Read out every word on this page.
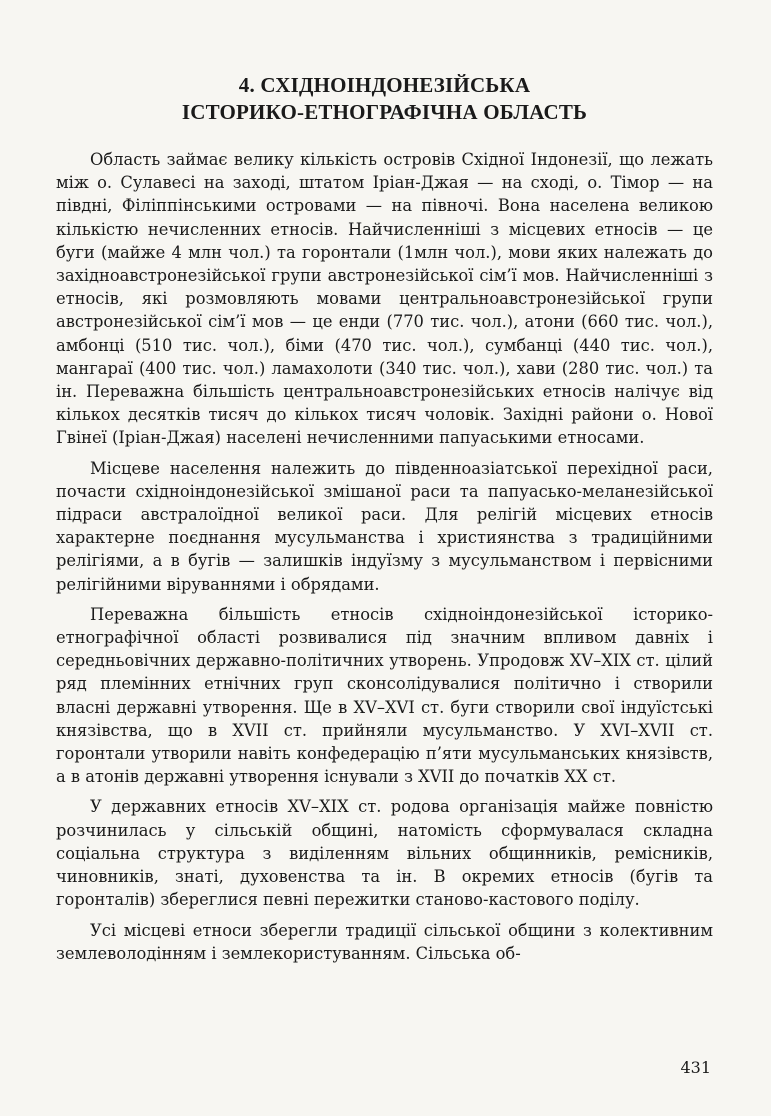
4. СХІДНОІНДОНЕЗІЙСЬКА
ІСТОРИКО-ЕТНОГРАФІЧНА ОБЛАСТЬ

Область займає велику кількість островів Східної Індонезії, що лежать між о. Сулавесі на заході, штатом Іріан-Джая — на сході, о. Тімор — на півдні, Філіппінськими островами — на півночі. Вона населена великою кількістю нечисленних етносів. Найчисленніші з місцевих етносів — це буги (майже 4 млн чол.) та горонтали (1млн чол.), мови яких належать до західноавстронезійської групи австронезійської сім’ї мов. Найчисленніші з етносів, які розмовляють мовами центральноавстронезійської групи австронезійської сім’ї мов — це енди (770 тис. чол.), атони (660 тис. чол.), амбонці (510 тис. чол.), біми (470 тис. чол.), сумбанці (440 тис. чол.), мангараї (400 тис. чол.) ламахолоти (340 тис. чол.), хави (280 тис. чол.) та ін. Переважна більшість центральноавстронезійських етносів налічує від кількох десятків тисяч до кількох тисяч чоловік. Західні райони о. Нової Гвінеї (Іріан-Джая) населені нечисленними папуаськими етносами.

Місцеве населення належить до південноазіатської перехідної раси, почасти східноіндонезійської змішаної раси та папуасько-меланезійської підраси австралоїдної великої раси. Для релігій місцевих етносів характерне поєднання мусульманства і християнства з традиційними релігіями, а в бугів — залишків індуїзму з мусульманством і первісними релігійними віруваннями і обрядами.

Переважна більшість етносів східноіндонезійської історико-етнографічної області розвивалися під значним впливом давніх і середньовічних державно-політичних утворень. Упродовж XV–XIX ст. цілий ряд племінних етнічних груп сконсолідувалися політично і створили власні державні утворення. Ще в XV–XVI ст. буги створили свої індуїстські князівства, що в XVII ст. прийняли мусульманство. У XVI–XVII ст. горонтали утворили навіть конфедерацію п’яти мусульманських князівств, а в атонів державні утворення існували з XVII до початків XX ст.

У державних етносів XV–XIX ст. родова організація майже повністю розчинилась у сільській общині, натомість сформувалася складна соціальна структура з виділенням вільних общинників, ремісників, чиновників, знаті, духовенства та ін. В окремих етносів (бугів та горонталів) збереглися певні пережитки станово-кастового поділу.

Усі місцеві етноси зберегли традиції сільської общини з колективним землеволодінням і землекористуванням. Сільська об-

431
